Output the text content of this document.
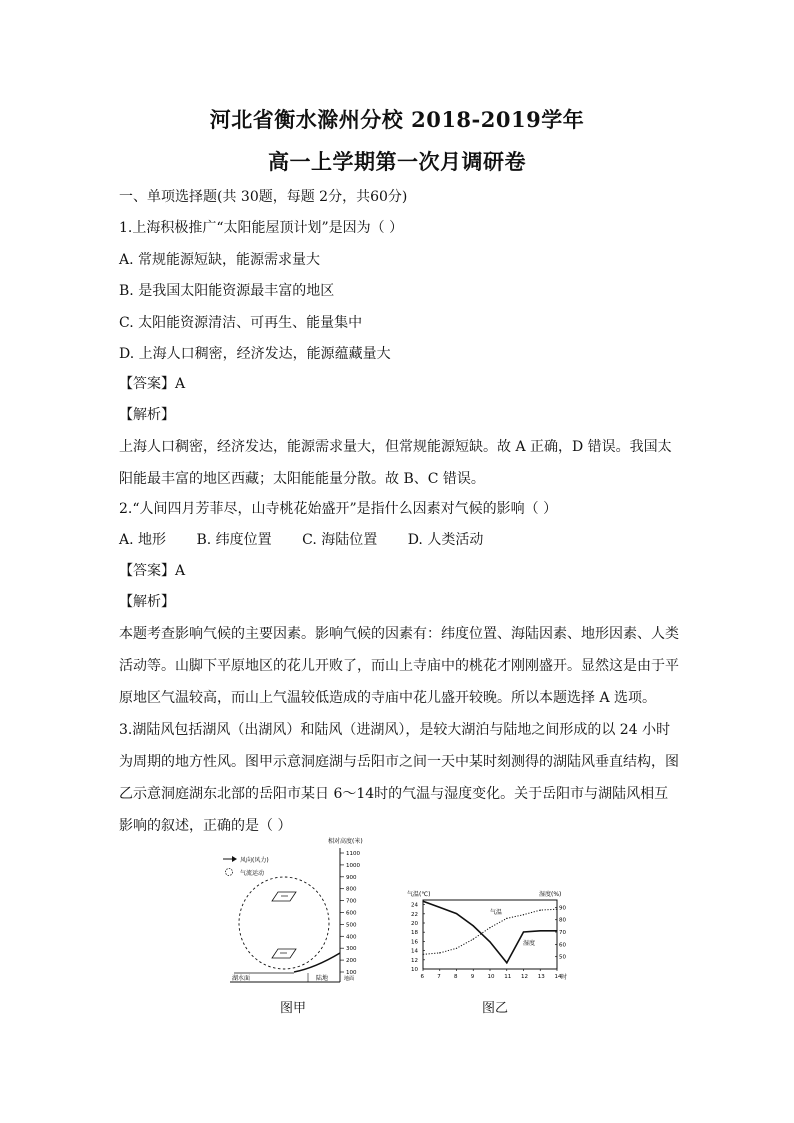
河北省衡水滁州分校 2018-2019学年
高一上学期第一次月调研卷
一、单项选择题(共 30题，每题 2分，共60分)
1.上海积极推广“太阳能屋顶计划”是因为（ ）
A. 常规能源短缺，能源需求量大
B. 是我国太阳能资源最丰富的地区
C. 太阳能资源清洁、可再生、能量集中
D. 上海人口稠密，经济发达，能源蕴藏量大
【答案】A
【解析】
上海人口稠密，经济发达，能源需求量大，但常规能源短缺。故 A 正确，D 错误。我国太阳能最丰富的地区西藏；太阳能能量分散。故 B、C 错误。
2.“人间四月芳菲尽，山寺桃花始盛开”是指什么因素对气候的影响（ ）
A. 地形 B. 纬度位置 C. 海陆位置 D. 人类活动
【答案】A
【解析】
本题考查影响气候的主要因素。影响气候的因素有：纬度位置、海陆因素、地形因素、人类活动等。山脚下平原地区的花儿开败了，而山上寺庙中的桃花才刚刚盛开。显然这是由于平原地区气温较高，而山上气温较低造成的寺庙中花儿盛开较晚。所以本题选择 A 选项。
3.湖陆风包括湖风（出湖风）和陆风（进湖风），是较大湖泊与陆地之间形成的以 24 小时为周期的地方性风。图甲示意洞庭湖与岳阳市之间一天中某时刻测得的湖陆风垂直结构，图乙示意洞庭湖东北部的岳阳市某日 6～14时的气温与湿度变化。关于岳阳市与湖陆风相互影响的叙述，正确的是（ ）
相对高度(米)
1100
1000
900
800
700
600
500
400
300
200
100
风向(风力)
气流运动
湖水面	陆地	地面
气温(℃)	湿度(%)
6 7 8 9 10 11 12 13 14
24
22
20
18
16
14
12
10
90
80
70
60
50
气温
湿度
时
图甲	图乙
